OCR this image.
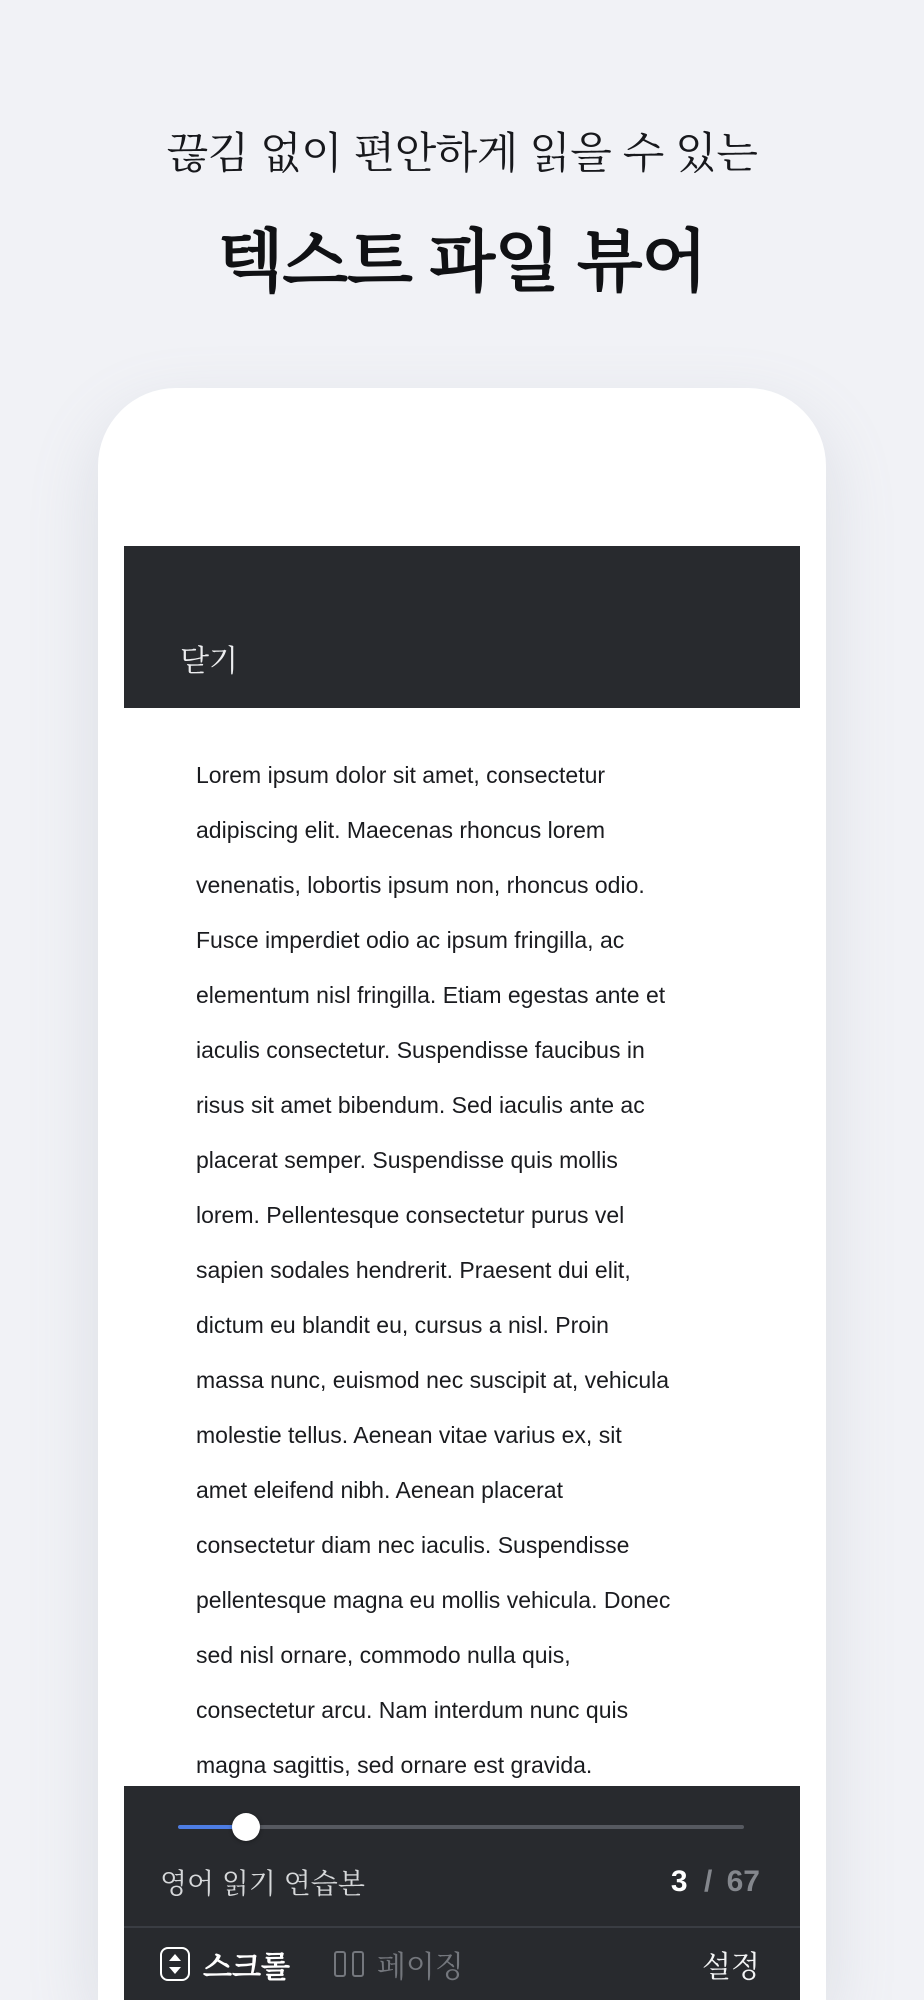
끊김 없이 편안하게 읽을 수 있는
텍스트 파일 뷰어
닫기
Lorem ipsum dolor sit amet, consectetur
adipiscing elit. Maecenas rhoncus lorem
venenatis, lobortis ipsum non, rhoncus odio.
Fusce imperdiet odio ac ipsum fringilla, ac
elementum nisl fringilla. Etiam egestas ante et
iaculis consectetur. Suspendisse faucibus in
risus sit amet bibendum. Sed iaculis ante ac
placerat semper. Suspendisse quis mollis
lorem. Pellentesque consectetur purus vel
sapien sodales hendrerit. Praesent dui elit,
dictum eu blandit eu, cursus a nisl. Proin
massa nunc, euismod nec suscipit at, vehicula
molestie tellus. Aenean vitae varius ex, sit
amet eleifend nibh. Aenean placerat
consectetur diam nec iaculis. Suspendisse
pellentesque magna eu mollis vehicula. Donec
sed nisl ornare, commodo nulla quis,
consectetur arcu. Nam interdum nunc quis
magna sagittis, sed ornare est gravida.
영어 읽기 연습본	3 / 67
스크롤	페이징	설정
